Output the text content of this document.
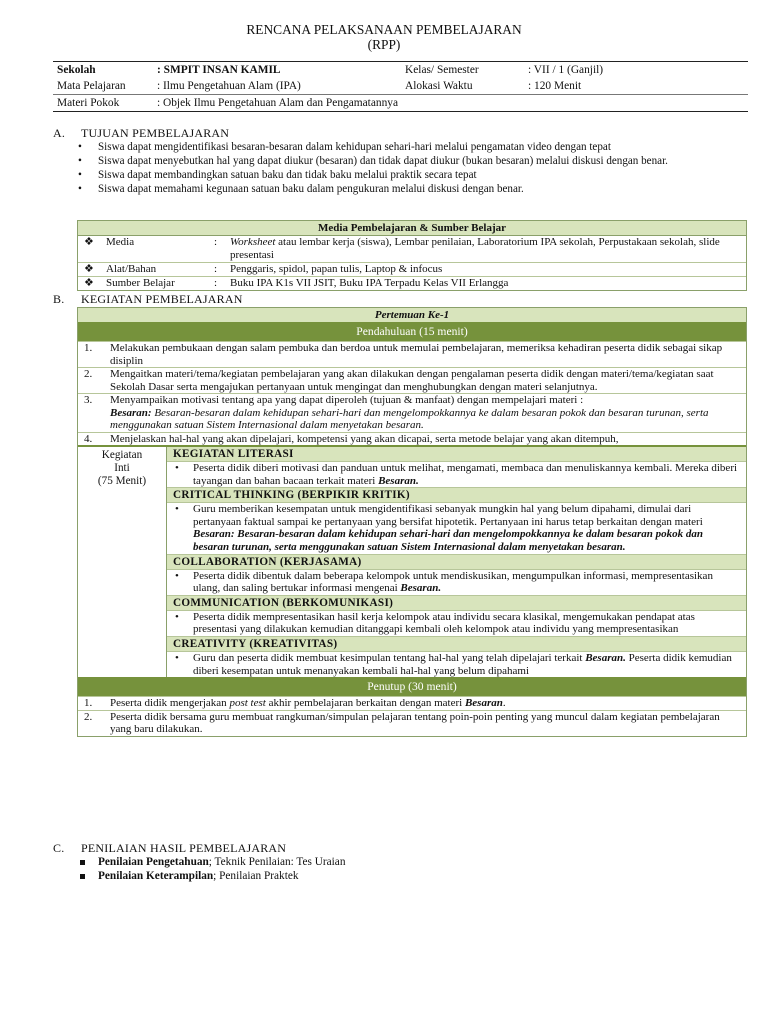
RENCANA PELAKSANAAN PEMBELAJARAN
(RPP)
Sekolah	: SMPIT INSAN KAMIL	Kelas/ Semester	: VII / 1 (Ganjil)
Mata Pelajaran	: Ilmu Pengetahuan Alam (IPA)	Alokasi Waktu	: 120 Menit
Materi Pokok	: Objek Ilmu Pengetahuan Alam dan Pengamatannya		
A. TUJUAN PEMBELAJARAN
• Siswa dapat mengidentifikasi besaran-besaran dalam kehidupan sehari-hari melalui pengamatan video dengan tepat
• Siswa dapat menyebutkan hal yang dapat diukur (besaran) dan tidak dapat diukur (bukan besaran) melalui diskusi dengan benar.
• Siswa dapat membandingkan satuan baku dan tidak baku melalui praktik secara tepat
• Siswa dapat memahami kegunaan satuan baku dalam pengukuran melalui diskusi dengan benar.
Media Pembelajaran & Sumber Belajar
❖	Media	:	Worksheet atau lembar kerja (siswa), Lembar penilaian, Laboratorium IPA sekolah, Perpustakaan sekolah, slide presentasi
❖	Alat/Bahan	:	Penggaris, spidol, papan tulis, Laptop & infocus
❖	Sumber Belajar	:	Buku IPA K1s VII JSIT, Buku IPA Terpadu Kelas VII Erlangga
B. KEGIATAN PEMBELAJARAN
Pertemuan Ke-1
Pendahuluan (15 menit)
1.	Melakukan pembukaan dengan salam pembuka dan berdoa untuk memulai pembelajaran, memeriksa kehadiran peserta didik sebagai sikap disiplin
2.	Mengaitkan materi/tema/kegiatan pembelajaran yang akan dilakukan dengan pengalaman peserta didik dengan materi/tema/kegiatan saat Sekolah Dasar serta mengajukan pertanyaan untuk mengingat dan menghubungkan dengan materi selanjutnya.
3.	Menyampaikan motivasi tentang apa yang dapat diperoleh (tujuan & manfaat) dengan mempelajari materi :
Besaran: Besaran-besaran dalam kehidupan sehari-hari dan mengelompokkannya ke dalam besaran pokok dan besaran turunan, serta menggunakan satuan Sistem Internasional dalam menyetakan besaran.
4.	Menjelaskan hal-hal yang akan dipelajari, kompetensi yang akan dicapai, serta metode belajar yang akan ditempuh,
Kegiatan
Inti
(75 Menit)
KEGIATAN LITERASI
•	Peserta didik diberi motivasi dan panduan untuk melihat, mengamati, membaca dan menuliskannya kembali. Mereka diberi tayangan dan bahan bacaan terkait materi Besaran.
CRITICAL THINKING (BERPIKIR KRITIK)
•	Guru memberikan kesempatan untuk mengidentifikasi sebanyak mungkin hal yang belum dipahami, dimulai dari pertanyaan faktual sampai ke pertanyaan yang bersifat hipotetik. Pertanyaan ini harus tetap berkaitan dengan materi Besaran: Besaran-besaran dalam kehidupan sehari-hari dan mengelompokkannya ke dalam besaran pokok dan besaran turunan, serta menggunakan satuan Sistem Internasional dalam menyetakan besaran.
COLLABORATION (KERJASAMA)
•	Peserta didik dibentuk dalam beberapa kelompok untuk mendiskusikan, mengumpulkan informasi, mempresentasikan ulang, dan saling bertukar informasi mengenai Besaran.
COMMUNICATION (BERKOMUNIKASI)
•	Peserta didik mempresentasikan hasil kerja kelompok atau individu secara klasikal, mengemukakan pendapat atas presentasi yang dilakukan kemudian ditanggapi kembali oleh kelompok atau individu yang mempresentasikan
CREATIVITY (KREATIVITAS)
•	Guru dan peserta didik membuat kesimpulan tentang hal-hal yang telah dipelajari terkait Besaran. Peserta didik kemudian diberi kesempatan untuk menanyakan kembali hal-hal yang belum dipahami
Penutup (30 menit)
1.	Peserta didik mengerjakan post test akhir pembelajaran berkaitan dengan materi Besaran.
2.	Peserta didik bersama guru membuat rangkuman/simpulan pelajaran tentang poin-poin penting yang muncul dalam kegiatan pembelajaran yang baru dilakukan.
C. PENILAIAN HASIL PEMBELAJARAN
Penilaian Pengetahuan; Teknik Penilaian: Tes Uraian
Penilaian Keterampilan; Penilaian Praktek
